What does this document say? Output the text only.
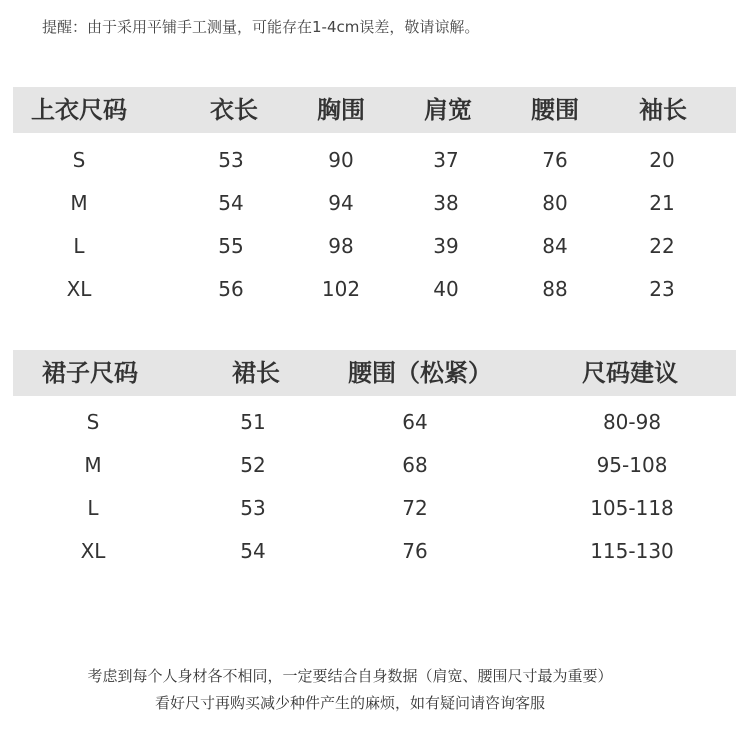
提醒：由于采用平铺手工测量，可能存在1-4cm误差，敬请谅解。
上衣尺码	衣长	胸围	肩宽	腰围	袖长
S	53	90	37	76	20
M	54	94	38	80	21
L	55	98	39	84	22
XL	56	102	40	88	23
裙子尺码	裙长	腰围（松紧）	尺码建议
S	51	64	80-98
M	52	68	95-108
L	53	72	105-118
XL	54	76	115-130
考虑到每个人身材各不相同，一定要结合自身数据（肩宽、腰围尺寸最为重要）
看好尺寸再购买减少种件产生的麻烦，如有疑问请咨询客服
